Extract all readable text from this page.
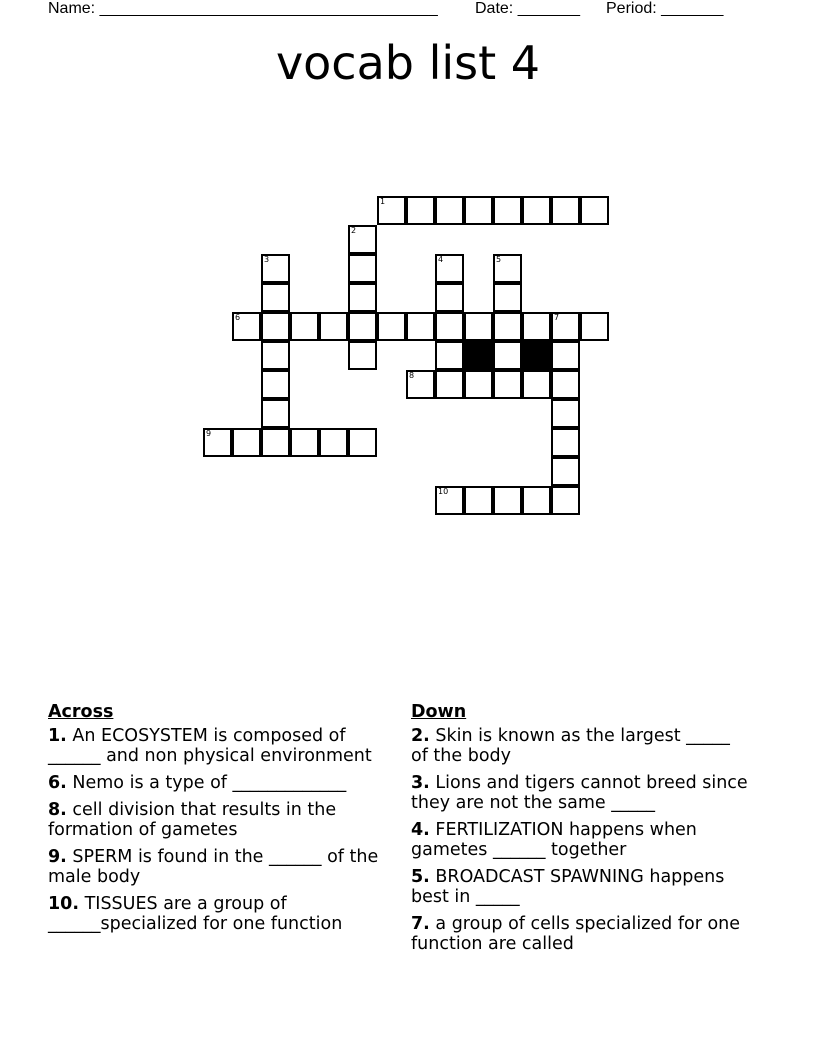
Name: ______________________________________ Date: _______ Period: _______
vocab list 4
1
2
3	4	5
6	7
8
9
10
Across
1. An ECOSYSTEM is composed of ______ and non physical environment
6. Nemo is a type of _____________
8. cell division that results in the formation of gametes
9. SPERM is found in the ______ of the male body
10. TISSUES are a group of ______specialized for one function
Down
2. Skin is known as the largest _____ of the body
3. Lions and tigers cannot breed since they are not the same _____
4. FERTILIZATION happens when gametes ______ together
5. BROADCAST SPAWNING happens best in _____
7. a group of cells specialized for one function are called
